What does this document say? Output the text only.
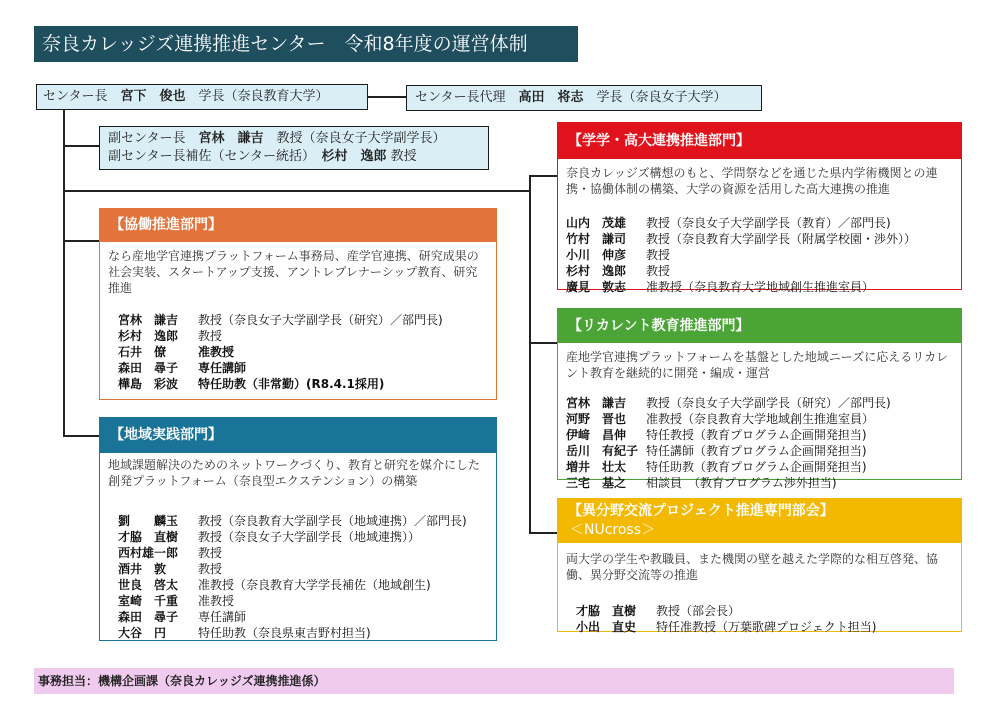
奈良カレッジズ連携推進センター　令和8年度の運営体制
センター長　 宮下　俊也　 学長（奈良教育大学）	センター長代理　 高田　将志　 学長（奈良女子大学）
副センター長　 宮林　謙吉　 教授（奈良女子大学副学長）
副センター長補佐（センター統括）　 杉村　逸郎 教授
【協働推進部門】
なら産地学官連携プラットフォーム事務局、産学官連携、研究成果の社会実装、スタートアップ支援、アントレプレナーシップ教育、研究推進
宮林　謙吉 教授（奈良女子大学副学長（研究）／部門長)
杉村　逸郎 教授
石井　僚	准教授
森田　尋子 専任講師
樺島　彩波 特任助教（非常勤）(R8.4.1採用)
【地域実践部門】
地域課題解決のためのネットワークづくり、教育と研究を媒介にした創発プラットフォーム（奈良型エクステンション）の構築
劉　　麟玉 教授（奈良教育大学副学長（地域連携）／部門長)
才脇　直樹 教授（奈良女子大学副学長（地域連携））
西村雄一郎 教授
酒井　敦	教授
世良　啓太 准教授（奈良教育大学学長補佐（地域創生)
室崎　千重 准教授
森田　尋子 専任講師
大谷　円	特任助教（奈良県東吉野村担当)
【学学・高大連携推進部門】
奈良カレッジズ構想のもと、学問祭などを通じた県内学術機関との連携・協働体制の構築、大学の資源を活用した高大連携の推進
山内　茂雄 教授（奈良女子大学副学長（教育）／部門長)
竹村　謙司 教授（奈良教育大学副学長（附属学校園・渉外））
小川　伸彦 教授
杉村　逸郎 教授
廣見　敦志 准教授（奈良教育大学地域創生推進室員）
【リカレント教育推進部門】
産地学官連携プラットフォームを基盤とした地域ニーズに応えるリカレント教育を継続的に開発・編成・運営
宮林　謙吉 教授（奈良女子大学副学長（研究）／部門長)
河野　晋也 准教授（奈良教育大学地域創生推進室員）
伊﨑　昌伸 特任教授（教育プログラム企画開発担当)
岳川　有紀子 特任講師（教育プログラム企画開発担当)
増井　壮太 特任助教（教育プログラム企画開発担当)
三宅　基之 相談員　（教育プログラム渉外担当)
【異分野交流プロジェクト推進専門部会】
＜NUcross＞
両大学の学生や教職員、また機関の壁を越えた学際的な相互啓発、協働、異分野交流等の推進
才脇　直樹 教授（部会長）
小出　直史 特任准教授（万葉歌碑プロジェクト担当)
事務担当：機構企画課（奈良カレッジズ連携推進係）
